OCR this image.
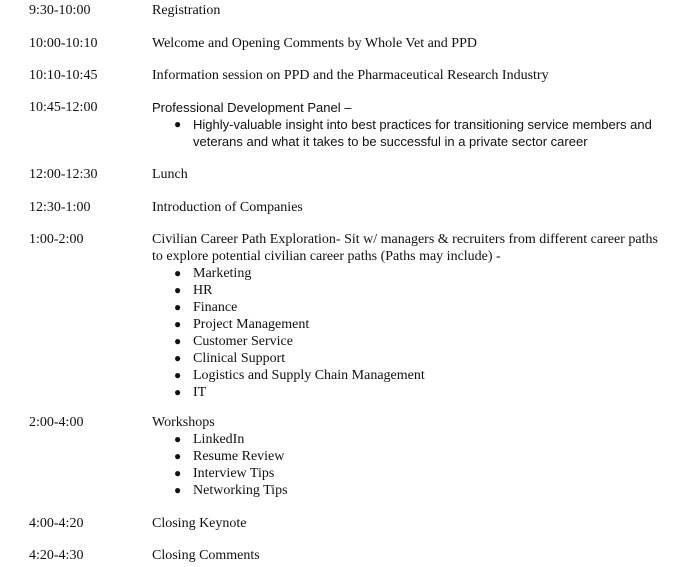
9:30-10:00	Registration
10:00-10:10	Welcome and Opening Comments by Whole Vet and PPD
10:10-10:45	Information session on PPD and the Pharmaceutical Research Industry
10:45-12:00	Professional Development Panel –
● Highly-valuable insight into best practices for transitioning service members and veterans and what it takes to be successful in a private sector career
12:00-12:30	Lunch
12:30-1:00	Introduction of Companies
1:00-2:00	Civilian Career Path Exploration- Sit w/ managers & recruiters from different career paths to explore potential civilian career paths (Paths may include) -
● Marketing
● HR
● Finance
● Project Management
● Customer Service
● Clinical Support
● Logistics and Supply Chain Management
● IT
2:00-4:00	Workshops
● LinkedIn
● Resume Review
● Interview Tips
● Networking Tips
4:00-4:20	Closing Keynote
4:20-4:30	Closing Comments
